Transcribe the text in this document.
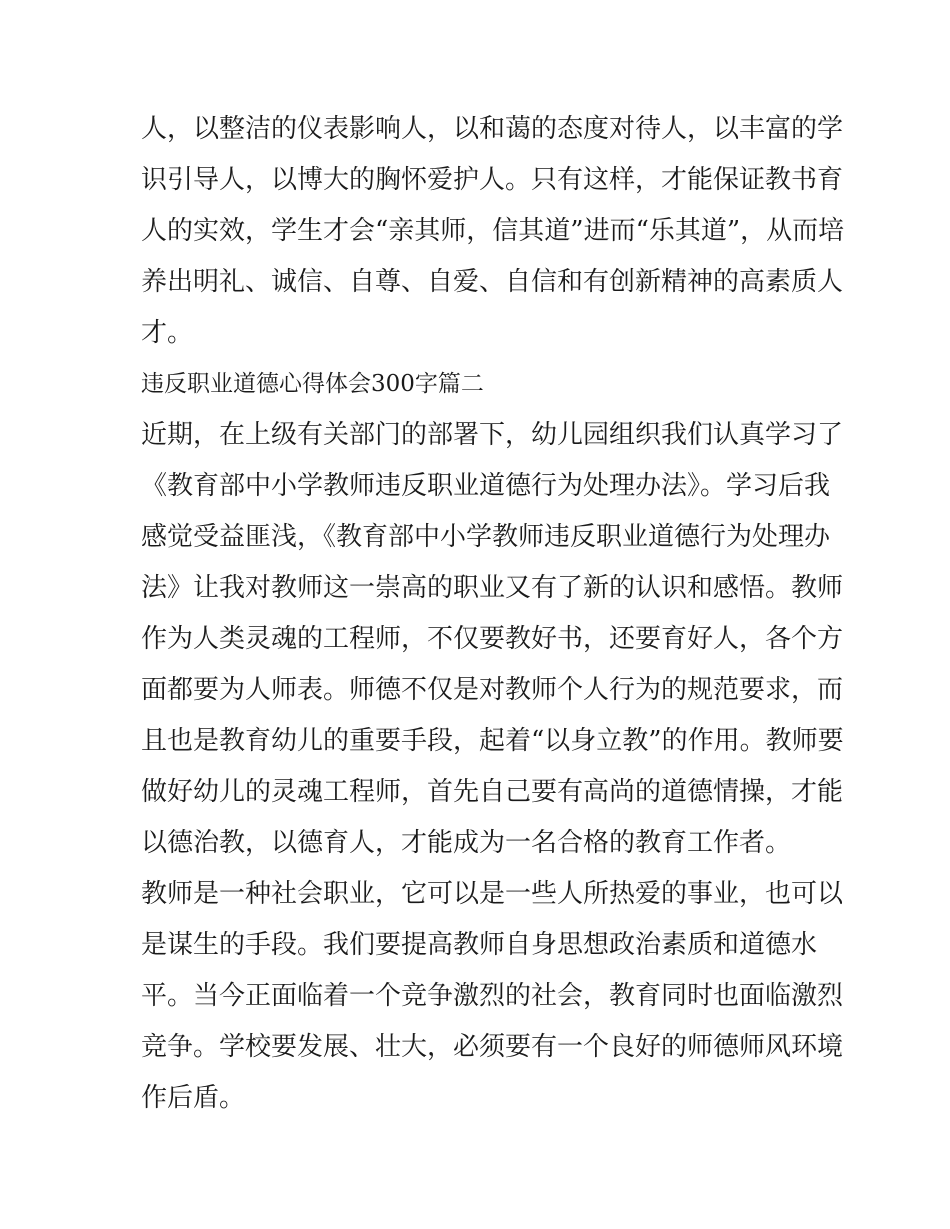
人，以整洁的仪表影响人，以和蔼的态度对待人，以丰富的学
识引导人，以博大的胸怀爱护人。只有这样，才能保证教书育
人的实效，学生才会“亲其师，信其道”进而“乐其道”，从而培
养出明礼、诚信、自尊、自爱、自信和有创新精神的高素质人
才。
违反职业道德心得体会300字篇二
近期，在上级有关部门的部署下，幼儿园组织我们认真学习了
《教育部中小学教师违反职业道德行为处理办法》。学习后我
感觉受益匪浅，《教育部中小学教师违反职业道德行为处理办
法》让我对教师这一崇高的职业又有了新的认识和感悟。教师
作为人类灵魂的工程师，不仅要教好书，还要育好人，各个方
面都要为人师表。师德不仅是对教师个人行为的规范要求，而
且也是教育幼儿的重要手段，起着“以身立教”的作用。教师要
做好幼儿的灵魂工程师，首先自己要有高尚的道德情操，才能
以德治教，以德育人，才能成为一名合格的教育工作者。
教师是一种社会职业，它可以是一些人所热爱的事业，也可以
是谋生的手段。我们要提高教师自身思想政治素质和道德水
平。当今正面临着一个竞争激烈的社会，教育同时也面临激烈
竞争。学校要发展、壮大，必须要有一个良好的师德师风环境
作后盾。
